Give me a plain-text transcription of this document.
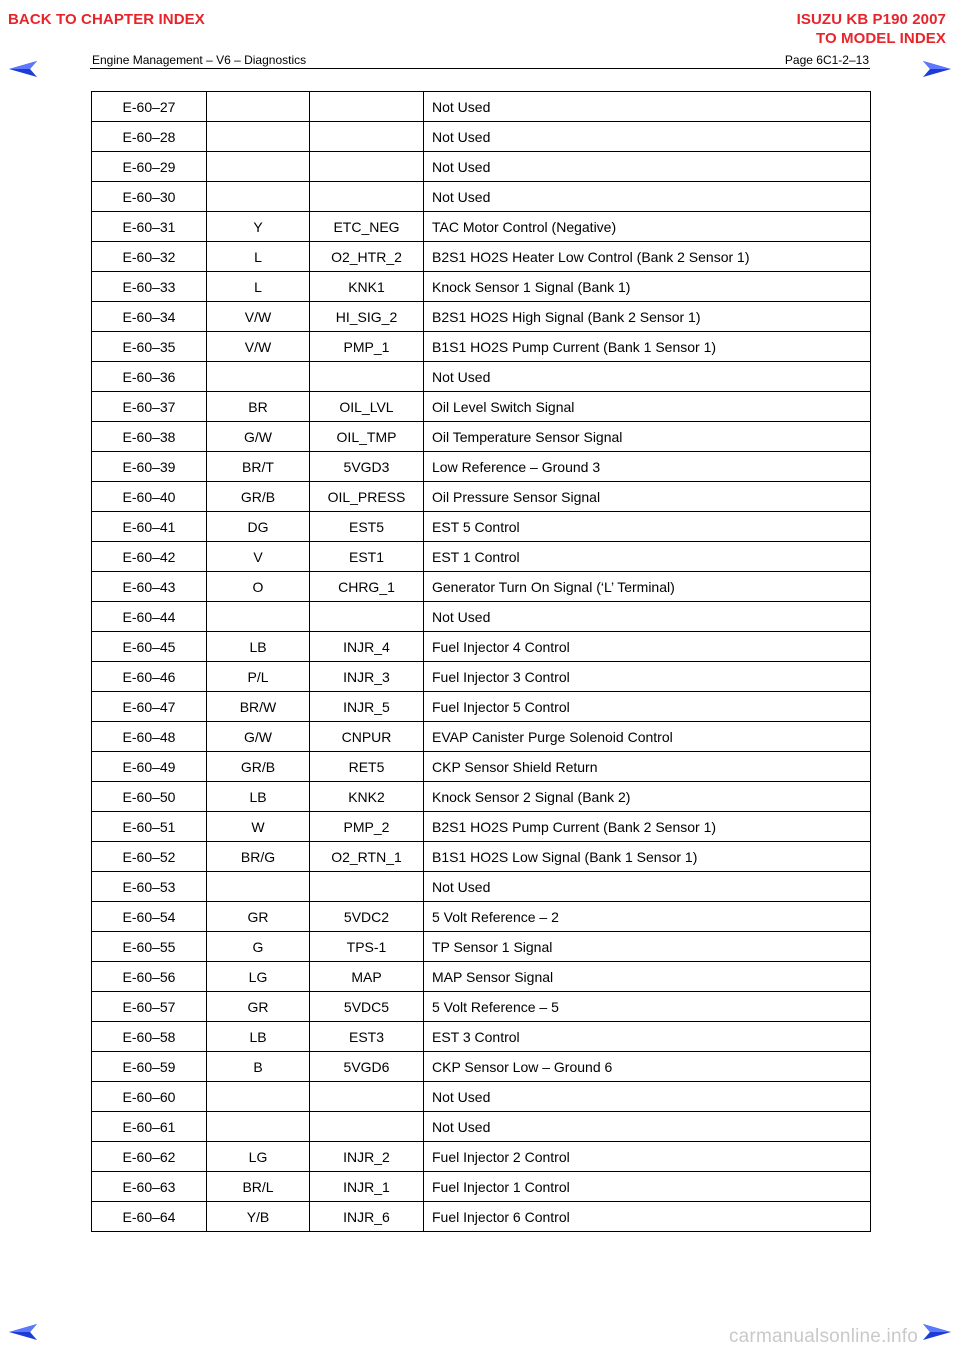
BACK TO CHAPTER INDEX	ISUZU KB P190 2007
TO MODEL INDEX
Engine Management – V6 – Diagnostics	Page 6C1-2–13
E-60–27			Not Used
E-60–28			Not Used
E-60–29			Not Used
E-60–30			Not Used
E-60–31	Y	ETC_NEG	TAC Motor Control (Negative)
E-60–32	L	O2_HTR_2	B2S1 HO2S Heater Low Control (Bank 2 Sensor 1)
E-60–33	L	KNK1	Knock Sensor 1 Signal (Bank 1)
E-60–34	V/W	HI_SIG_2	B2S1 HO2S High Signal (Bank 2 Sensor 1)
E-60–35	V/W	PMP_1	B1S1 HO2S Pump Current (Bank 1 Sensor 1)
E-60–36			Not Used
E-60–37	BR	OIL_LVL	Oil Level Switch Signal
E-60–38	G/W	OIL_TMP	Oil Temperature Sensor Signal
E-60–39	BR/T	5VGD3	Low Reference – Ground 3
E-60–40	GR/B	OIL_PRESS	Oil Pressure Sensor Signal
E-60–41	DG	EST5	EST 5 Control
E-60–42	V	EST1	EST 1 Control
E-60–43	O	CHRG_1	Generator Turn On Signal (‘L’ Terminal)
E-60–44			Not Used
E-60–45	LB	INJR_4	Fuel Injector 4 Control
E-60–46	P/L	INJR_3	Fuel Injector 3 Control
E-60–47	BR/W	INJR_5	Fuel Injector 5 Control
E-60–48	G/W	CNPUR	EVAP Canister Purge Solenoid Control
E-60–49	GR/B	RET5	CKP Sensor Shield Return
E-60–50	LB	KNK2	Knock Sensor 2 Signal (Bank 2)
E-60–51	W	PMP_2	B2S1 HO2S Pump Current (Bank 2 Sensor 1)
E-60–52	BR/G	O2_RTN_1	B1S1 HO2S Low Signal (Bank 1 Sensor 1)
E-60–53			Not Used
E-60–54	GR	5VDC2	5 Volt Reference – 2
E-60–55	G	TPS-1	TP Sensor 1 Signal
E-60–56	LG	MAP	MAP Sensor Signal
E-60–57	GR	5VDC5	5 Volt Reference – 5
E-60–58	LB	EST3	EST 3 Control
E-60–59	B	5VGD6	CKP Sensor Low – Ground 6
E-60–60			Not Used
E-60–61			Not Used
E-60–62	LG	INJR_2	Fuel Injector 2 Control
E-60–63	BR/L	INJR_1	Fuel Injector 1 Control
E-60–64	Y/B	INJR_6	Fuel Injector 6 Control
carmanualsonline.info
